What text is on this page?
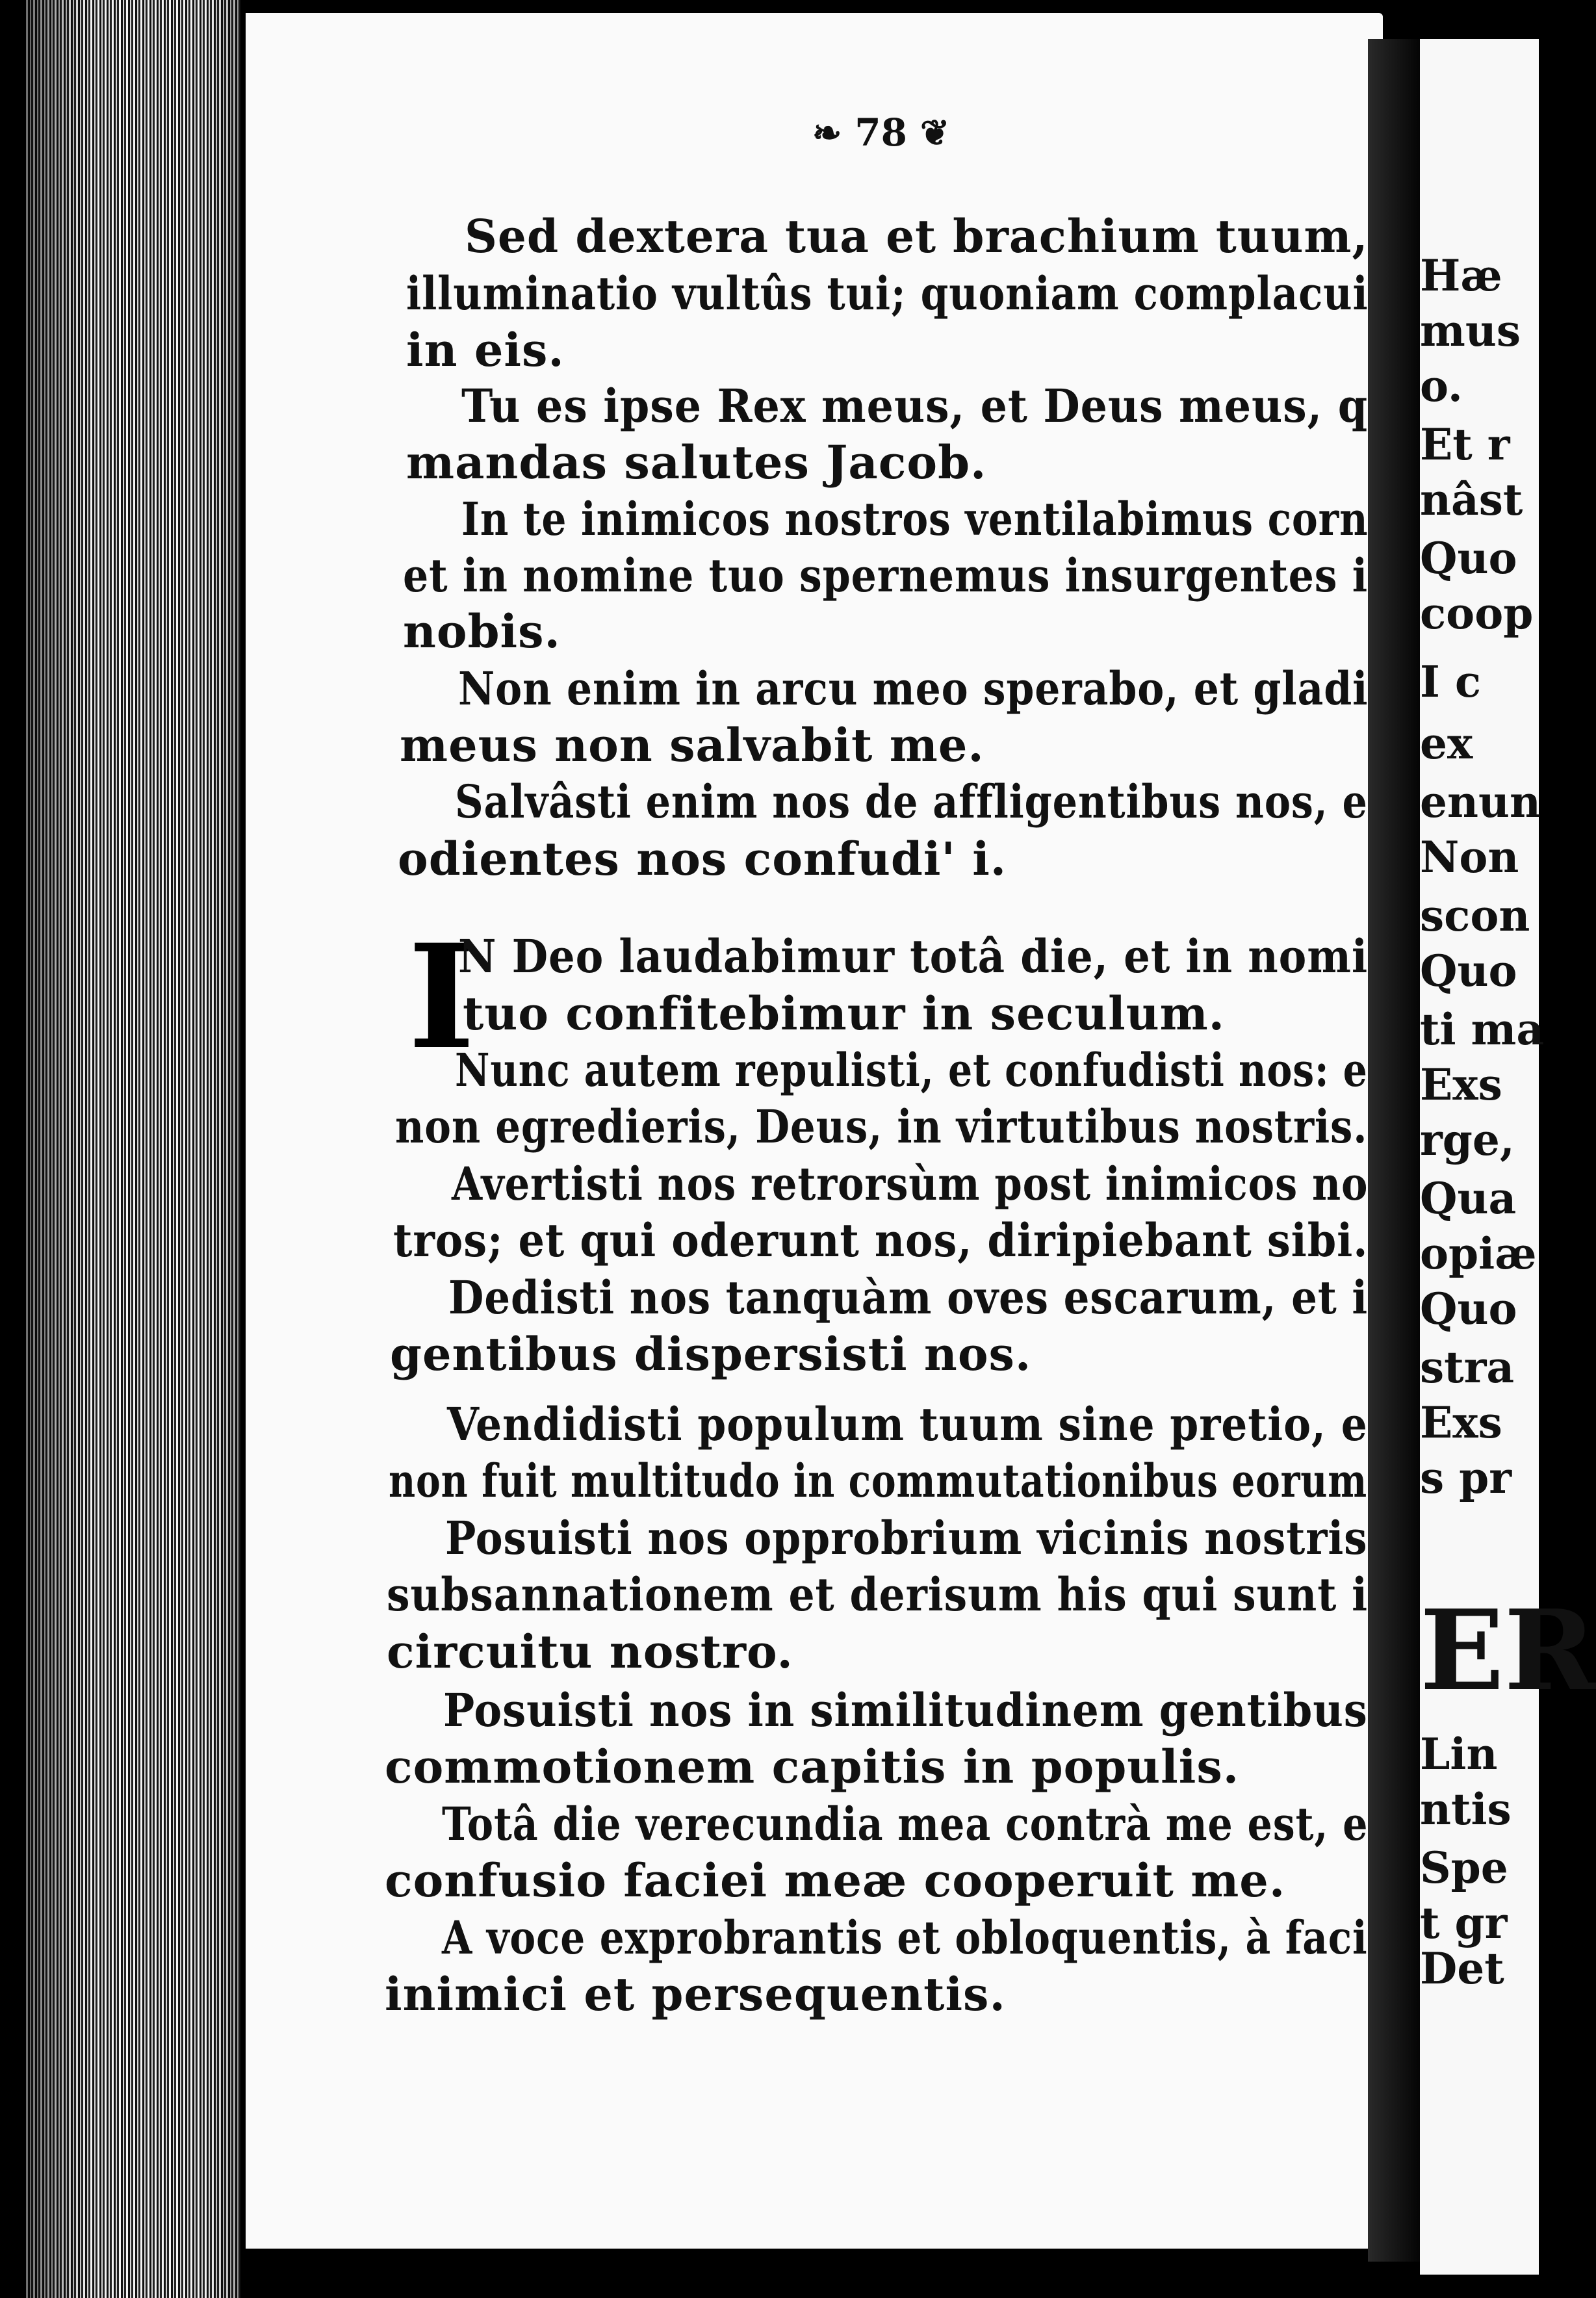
Hæ
mus
o.
Et r
nâst
Quo
coop
I c
ex
enun
Non
scon
Quo
ti ma
Exs
rge,
Qua
opiæ
Quo
stra
Exs
s pr
ER
Lin
ntis
Spe
t gr
Det
❧ 78 ❦
Sed dextera tua et brachium tuum,
illuminatio vultûs tui; quoniam complacui
in eis.
Tu es ipse Rex meus, et Deus meus, q
mandas salutes Jacob.
In te inimicos nostros ventilabimus corn
et in nomine tuo spernemus insurgentes i
nobis.
Non enim in arcu meo sperabo, et gladi
meus non salvabit me.
Salvâsti enim nos de affligentibus nos, e
odientes nos confudi' i.
I
N Deo laudabimur totâ die, et in nomi
tuo confitebimur in seculum.
Nunc autem repulisti, et confudisti nos: e
non egredieris, Deus, in virtutibus nostris.
Avertisti nos retrorsùm post inimicos no
tros; et qui oderunt nos, diripiebant sibi.
Dedisti nos tanquàm oves escarum, et i
gentibus dispersisti nos.
Vendidisti populum tuum sine pretio, e
non fuit multitudo in commutationibus eorum
Posuisti nos opprobrium vicinis nostris
subsannationem et derisum his qui sunt i
circuitu nostro.
Posuisti nos in similitudinem gentibus
commotionem capitis in populis.
Totâ die verecundia mea contrà me est, e
confusio faciei meæ cooperuit me.
A voce exprobrantis et obloquentis, à faci
inimici et persequentis.
